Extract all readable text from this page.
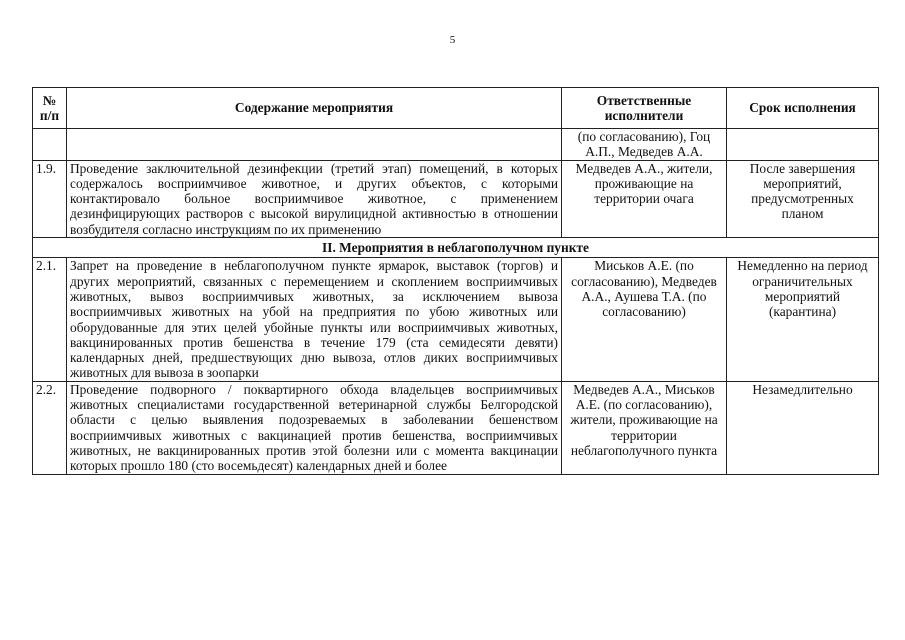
5
№ п/п	Содержание мероприятия	Ответственные исполнители	Срок исполнения
		(по согласованию), Гоц А.П., Медведев А.А.	
1.9.	Проведение заключительной дезинфекции (третий этап) помещений, в которых содержалось восприимчивое животное, и других объектов, с которыми контактировало больное восприимчивое животное, с применением дезинфицирующих растворов с высокой вирулицидной активностью в отношении возбудителя согласно инструкциям по их применению	Медведев А.А., жители, проживающие на территории очага	После завершения мероприятий, предусмотренных планом
II. Мероприятия в неблагополучном пункте			
2.1.	Запрет на проведение в неблагополучном пункте ярмарок, выставок (торгов) и других мероприятий, связанных с перемещением и скоплением восприимчивых животных, вывоз восприимчивых животных, за исключением вывоза восприимчивых животных на убой на предприятия по убою животных или оборудованные для этих целей убойные пункты или восприимчивых животных, вакцинированных против бешенства в течение 179 (ста семидесяти девяти) календарных дней, предшествующих дню вывоза, отлов диких восприимчивых животных для вывоза в зоопарки	Миськов А.Е. (по согласованию), Медведев А.А., Аушева Т.А. (по согласованию)	Немедленно на период ограничительных мероприятий (карантина)
2.2.	Проведение подворного / поквартирного обхода владельцев восприимчивых животных специалистами государственной ветеринарной службы Белгородской области с целью выявления подозреваемых в заболевании бешенством восприимчивых животных с вакцинацией против бешенства, восприимчивых животных, не вакцинированных против этой болезни или с момента вакцинации которых прошло 180 (сто восемьдесят) календарных дней и более	Медведев А.А., Миськов А.Е. (по согласованию), жители, проживающие на территории неблагополучного пункта	Незамедлительно
